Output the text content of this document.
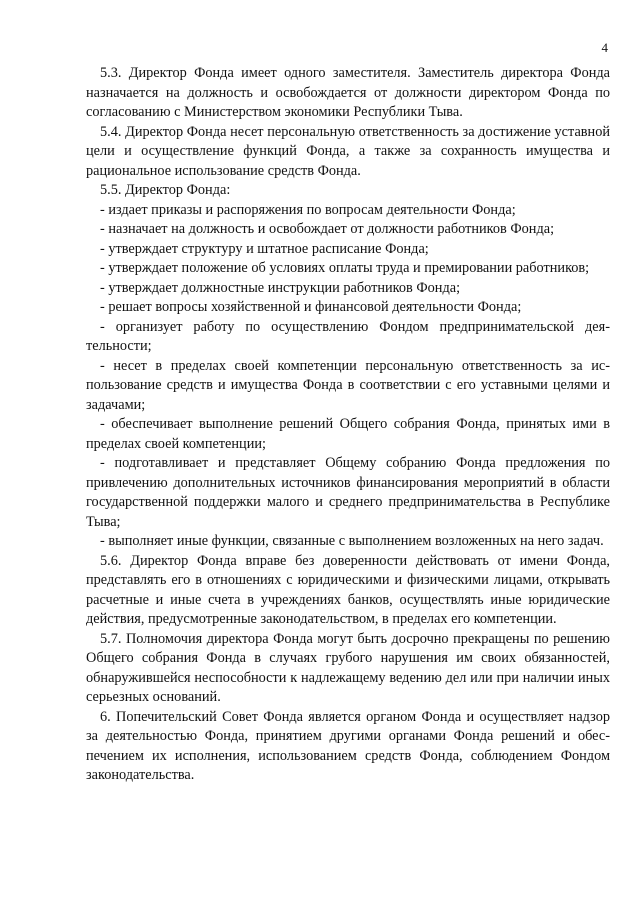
4

5.3. Директор Фонда имеет одного заместителя. Заместитель директора Фонда назначается на должность и освобождается от должности директором Фонда по согласованию с Министерством экономики Республики Тыва.

5.4. Директор Фонда несет персональную ответственность за достижение уставной цели и осуществление функций Фонда, а также за сохранность имущества и рациональное использование средств Фонда.

5.5. Директор Фонда:

- издает приказы и распоряжения по вопросам деятельности Фонда;

- назначает на должность и освобождает от должности работников Фонда;

- утверждает структуру и штатное расписание Фонда;

- утверждает положение об условиях оплаты труда и премировании работников;

- утверждает должностные инструкции работников Фонда;

- решает вопросы хозяйственной и финансовой деятельности Фонда;

- организует работу по осуществлению Фондом предпринимательской деятельности;

- несет в пределах своей компетенции персональную ответственность за использование средств и имущества Фонда в соответствии с его уставными целями и задачами;

- обеспечивает выполнение решений Общего собрания Фонда, принятых ими в пределах своей компетенции;

- подготавливает и представляет Общему собранию Фонда предложения по привлечению дополнительных источников финансирования мероприятий в области государственной поддержки малого и среднего предпринимательства в Республике Тыва;

- выполняет иные функции, связанные с выполнением возложенных на него задач.

5.6. Директор Фонда вправе без доверенности действовать от имени Фонда, представлять его в отношениях с юридическими и физическими лицами, открывать расчетные и иные счета в учреждениях банков, осуществлять иные юридические действия, предусмотренные законодательством, в пределах его компетенции.

5.7. Полномочия директора Фонда могут быть досрочно прекращены по решению Общего собрания Фонда в случаях грубого нарушения им своих обязанностей, обнаружившейся неспособности к надлежащему ведению дел или при наличии иных серьезных оснований.

6. Попечительский Совет Фонда является органом Фонда и осуществляет надзор за деятельностью Фонда, принятием другими органами Фонда решений и обеспечением их исполнения, использованием средств Фонда, соблюдением Фондом законодательства.
